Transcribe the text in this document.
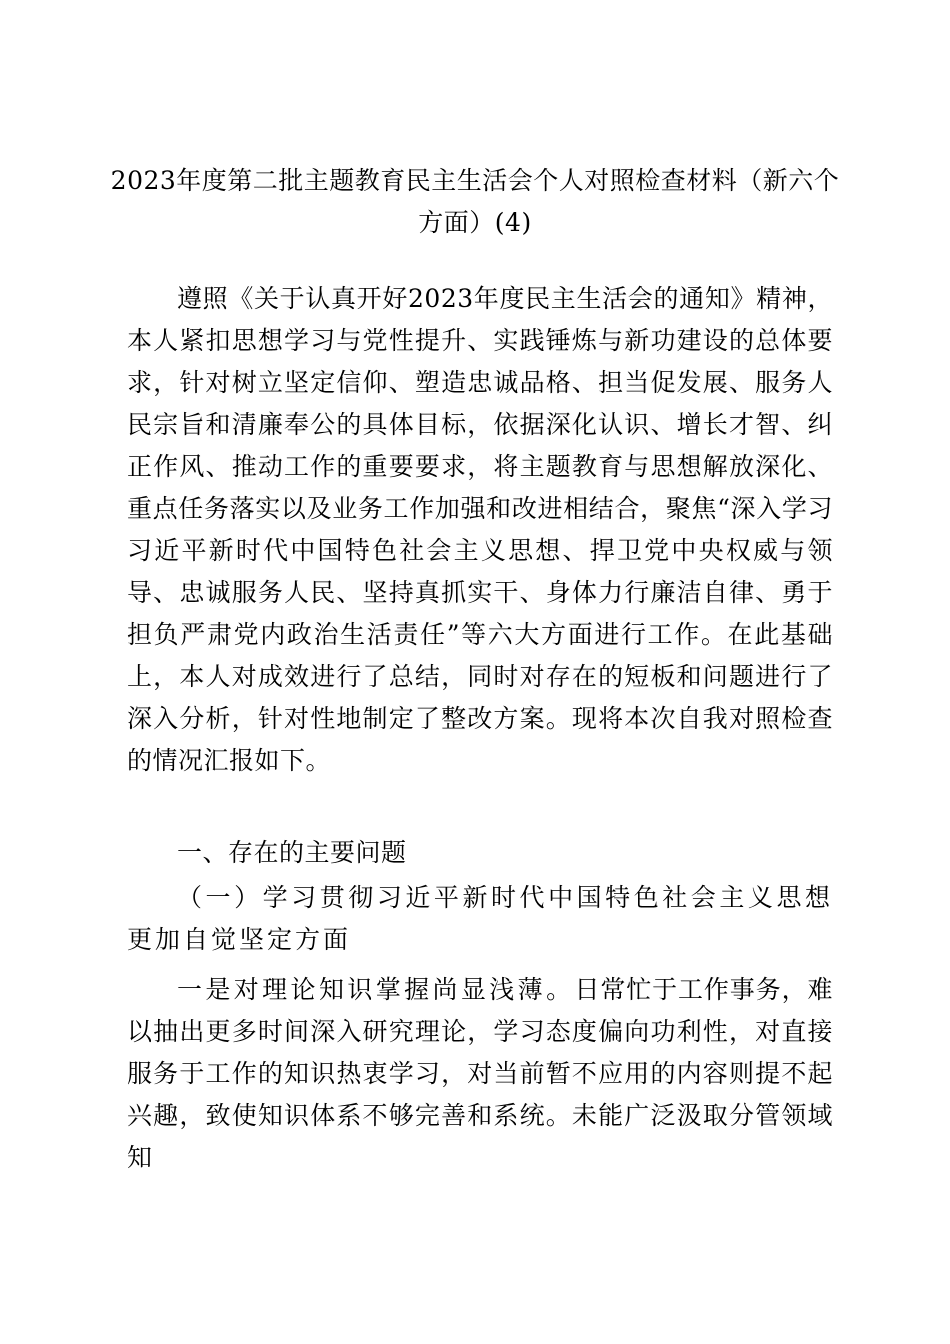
2023年度第二批主题教育民主生活会个人对照检查材料（新六个方面）(4)
遵照《关于认真开好2023年度民主生活会的通知》精神，本人紧扣思想学习与党性提升、实践锤炼与新功建设的总体要求，针对树立坚定信仰、塑造忠诚品格、担当促发展、服务人民宗旨和清廉奉公的具体目标，依据深化认识、增长才智、纠正作风、推动工作的重要要求，将主题教育与思想解放深化、重点任务落实以及业务工作加强和改进相结合，聚焦“深入学习习近平新时代中国特色社会主义思想、捍卫党中央权威与领导、忠诚服务人民、坚持真抓实干、身体力行廉洁自律、勇于担负严肃党内政治生活责任”等六大方面进行工作。在此基础上，本人对成效进行了总结，同时对存在的短板和问题进行了深入分析，针对性地制定了整改方案。现将本次自我对照检查的情况汇报如下。
一、存在的主要问题
（一）学习贯彻习近平新时代中国特色社会主义思想更加自觉坚定方面
一是对理论知识掌握尚显浅薄。日常忙于工作事务，难以抽出更多时间深入研究理论，学习态度偏向功利性，对直接服务于工作的知识热衷学习，对当前暂不应用的内容则提不起兴趣，致使知识体系不够完善和系统。未能广泛汲取分管领域知
